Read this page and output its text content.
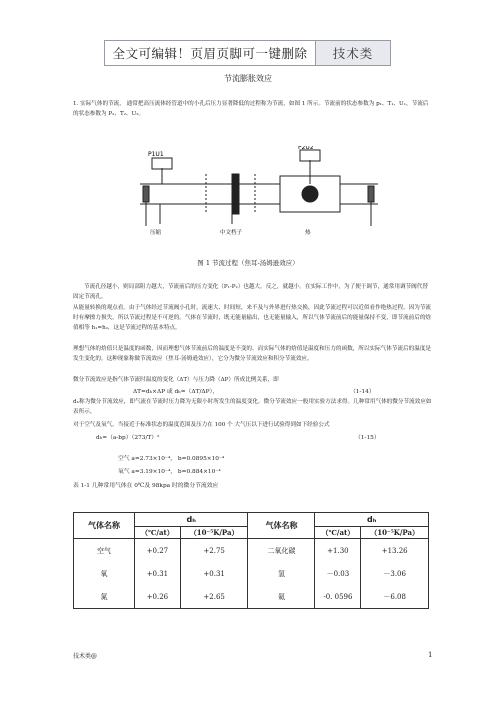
全文可编辑！页眉页脚可一键删除	技术类
节流膨胀效应
1. 实际气体的节流， 通常把高压流体经管道中的小孔后压力显著降低的过程称为节流，如图 1 所示。节流前的状态参数为 p₁、T₁、U₁，节流后的状态参数为 P₂、T₂、U₂。
P1U1
P2U2
压缩	中文档子	热
图 1 节流过程（焦耳-汤姆逊效应）
节流孔径越小，则局部阻力越大，节流前后的压力变化（P₁-P₂）也越大。反之，就越小。在实际工作中，为了便于调节，通常用调节阀代替固定节流孔。
从能量转换的观点看。由于气体经过节流阀小孔时，流速大、时间短，来不及与外界进行热交换，因此节流过程可以近似看作绝热过程。因为节流时有摩擦力损失，所以节流过程是不可逆的。气体在节流时，既无能量输出，也无能量输入，所以气体节流前后的能量保持不变，即节流前后的焓值相等 h₁=h₂，这是节流过程的基本特点。
理想气体的焓值只是温度的函数，因而理想气体节流前后的温度是不变的。而实际气体的焓值是温度和压力的函数，所以实际气体节流后的温度是发生变化的。这种现象称做节流效应（焦耳-汤姆逊效应），它分为微分节流效应和积分节流效应。
微分节流效应是指气体节流时温度的变化（ΔT）与压力降（ΔP）所成比例关系，即
ΔT=dₕ×ΔP 或 dₕ=（ΔT/ΔP），	（1-14）
dₕ称为微分节流效应，即气流在节流时压力降为无限小时所发生的温度变化。微分节流效应一般用实验方法求得。几种常用气体的微分节流效应如表所示。
对于空气及氧气，当接近于标准状态的温度范围及压力在 100 个 大气压以下进行试验得到如下经验公式
dₕ=（a-bp）（273/T）²	（1-15）
空气 a=2.73×10⁻⁴， b=0.0895×10⁻⁴
氧气 a=3.19×10⁻⁴， b=0.884×10⁻⁴
表 1-1 几种常用气体在 0℃及 98kpa 时的微分节流效应
气体名称	dₕ		气体名称	dₕ	
	（℃/at）	（10⁻⁵K/Pa）		（℃/at）	（10⁻⁵K/Pa）
空气	+0.27	+2.75	二氧化碳	+1.30	+13.26
氧	+0.31	+0.31	氢	－0.03	－3.06
氮	+0.26	+2.65	氦	-0. 0596	－6.08
技术类@	1
